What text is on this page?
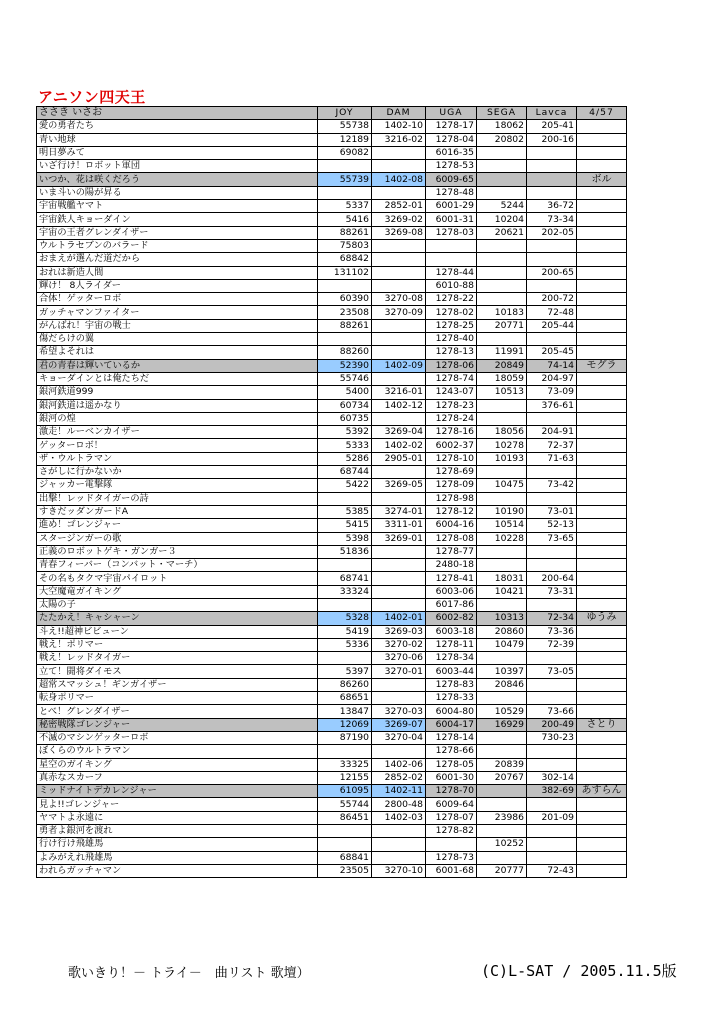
アニソン四天王
ささき いさお	JOY	DAM	UGA	SEGA	Lavca	4/57
愛の勇者たち	55738	1402-10	1278-17	18062	205-41	
青い地球	12189	3216-02	1278-04	20802	200-16	
明日夢みて	69082		6016-35			
いざ行け！ロボット軍団			1278-53			
いつか、花は咲くだろう	55739	1402-08	6009-65			ボル
いま斗いの陽が昇る			1278-48			
宇宙戦艦ヤマト	5337	2852-01	6001-29	5244	36-72	
宇宙鉄人キョーダイン	5416	3269-02	6001-31	10204	73-34	
宇宙の王者グレンダイザー	88261	3269-08	1278-03	20621	202-05	
ウルトラセブンのバラード	75803					
おまえが選んだ道だから	68842					
おれは新造人間	131102		1278-44		200-65	
輝け！ 8人ライダー			6010-88			
合体！ゲッターロボ	60390	3270-08	1278-22		200-72	
ガッチャマンファイター	23508	3270-09	1278-02	10183	72-48	
がんばれ！宇宙の戦士	88261		1278-25	20771	205-44	
傷だらけの翼			1278-40			
希望よそれは	88260		1278-13	11991	205-45	
君の青春は輝いているか	52390	1402-09	1278-06	20849	74-14	モグラ
キョーダインとは俺たちだ	55746		1278-74	18059	204-97	
銀河鉄道999	5400	3216-01	1243-07	10513	73-09	
銀河鉄道は遥かなり	60734	1402-12	1278-23		376-61	
銀河の煌	60735		1278-24			
激走！ルーベンカイザー	5392	3269-04	1278-16	18056	204-91	
ゲッターロボ！	5333	1402-02	6002-37	10278	72-37	
ザ・ウルトラマン	5286	2905-01	1278-10	10193	71-63	
さがしに行かないか	68744		1278-69			
ジャッカー電撃隊	5422	3269-05	1278-09	10475	73-42	
出撃！レッドタイガーの詩			1278-98			
すきだッダンガードA	5385	3274-01	1278-12	10190	73-01	
進め！ゴレンジャー	5415	3311-01	6004-16	10514	52-13	
スタージンガーの歌	5398	3269-01	1278-08	10228	73-65	
正義のロボットゲキ・ガンガー３	51836		1278-77			
青春フィーバー（コンバット・マーチ）			2480-18			
その名もタクマ宇宙パイロット	68741		1278-41	18031	200-64	
大空魔竜ガイキング	33324		6003-06	10421	73-31	
太陽の子			6017-86			
たたかえ！キャシャーン	5328	1402-01	6002-82	10313	72-34	ゆうみ
斗え!!超神ビビューン	5419	3269-03	6003-18	20860	73-36	
戦え！ポリマー	5336	3270-02	1278-11	10479	72-39	
戦え！レッドタイガー		3270-06	1278-34			
立て！闘将ダイモス	5397	3270-01	6003-44	10397	73-05	
超常スマッシュ！ギンガイザー	86260		1278-83	20846		
転身ポリマー	68651		1278-33			
とべ！グレンダイザー	13847	3270-03	6004-80	10529	73-66	
秘密戦隊ゴレンジャー	12069	3269-07	6004-17	16929	200-49	さとり
不滅のマシンゲッターロボ	87190	3270-04	1278-14		730-23	
ぼくらのウルトラマン			1278-66			
星空のガイキング	33325	1402-06	1278-05	20839		
真赤なスカーフ	12155	2852-02	6001-30	20767	302-14	
ミッドナイトデカレンジャー	61095	1402-11	1278-70		382-69	あすらん
見よ!!ゴレンジャー	55744	2800-48	6009-64			
ヤマトよ永遠に	86451	1402-03	1278-07	23986	201-09	
勇者よ銀河を渡れ			1278-82			
行け行け飛雄馬				10252		
よみがえれ飛雄馬	68841		1278-73			
われらガッチャマン	23505	3270-10	6001-68	20777	72-43	
歌いきり！－ トライ－　曲リスト 歌壇）	(C)L-SAT / 2005.11.5版
